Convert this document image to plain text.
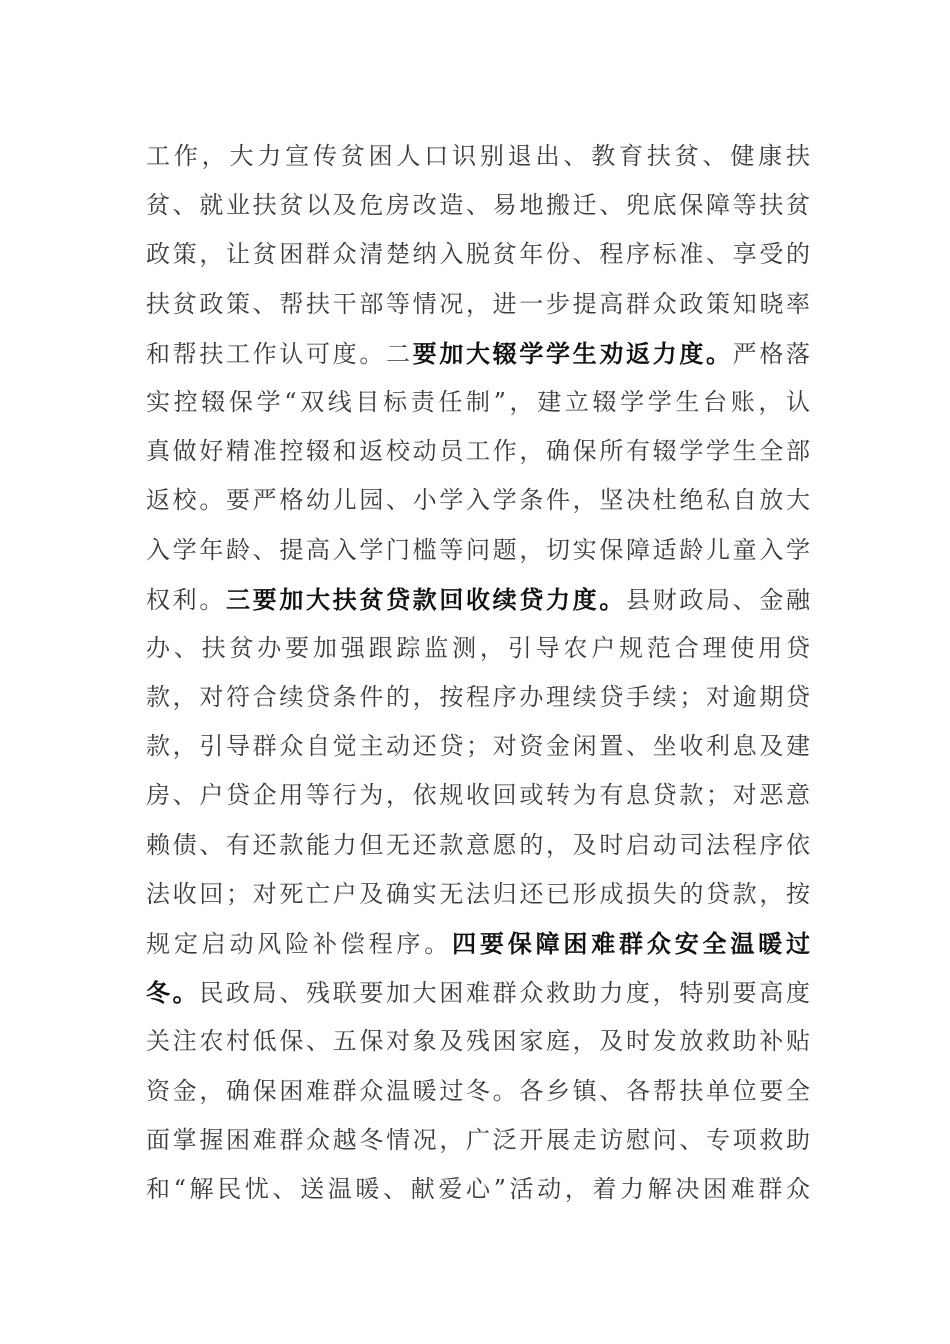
工作，大力宣传贫困人口识别退出、教育扶贫、健康扶
贫、就业扶贫以及危房改造、易地搬迁、兜底保障等扶贫
政策，让贫困群众清楚纳入脱贫年份、程序标准、享受的
扶贫政策、帮扶干部等情况，进一步提高群众政策知晓率
和帮扶工作认可度。二要加大辍学学生劝返力度。严格落
实控辍保学“双线目标责任制”，建立辍学学生台账，认
真做好精准控辍和返校动员工作，确保所有辍学学生全部
返校。要严格幼儿园、小学入学条件，坚决杜绝私自放大
入学年龄、提高入学门槛等问题，切实保障适龄儿童入学
权利。三要加大扶贫贷款回收续贷力度。县财政局、金融
办、扶贫办要加强跟踪监测，引导农户规范合理使用贷
款，对符合续贷条件的，按程序办理续贷手续；对逾期贷
款，引导群众自觉主动还贷；对资金闲置、坐收利息及建
房、户贷企用等行为，依规收回或转为有息贷款；对恶意
赖债、有还款能力但无还款意愿的，及时启动司法程序依
法收回；对死亡户及确实无法归还已形成损失的贷款，按
规定启动风险补偿程序。四要保障困难群众安全温暖过
冬。民政局、残联要加大困难群众救助力度，特别要高度
关注农村低保、五保对象及残困家庭，及时发放救助补贴
资金，确保困难群众温暖过冬。各乡镇、各帮扶单位要全
面掌握困难群众越冬情况，广泛开展走访慰问、专项救助
和“解民忧、送温暖、献爱心”活动，着力解决困难群众
